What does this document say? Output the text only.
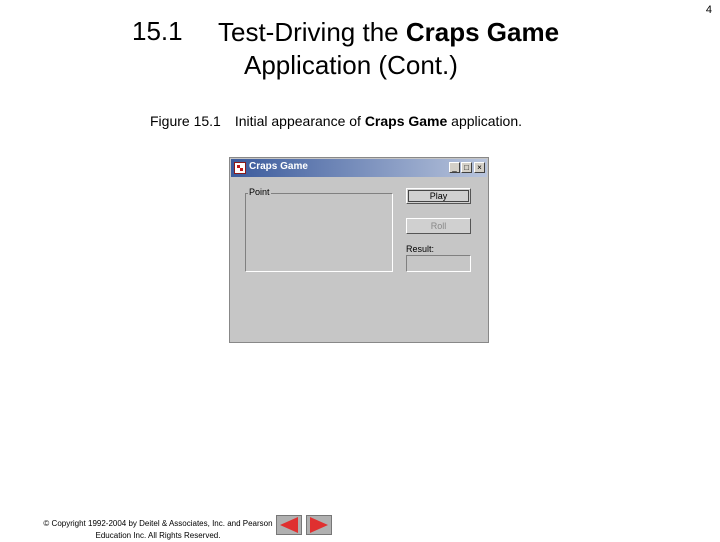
4
15.1 Test-Driving the Craps Game
Application (Cont.)
Figure 15.1 Initial appearance of Craps Game application.
Craps Game	_ □	×
Point	Play
Roll
Result:
© Copyright 1992-2004 by Deitel & Associates, Inc. and Pearson
Education Inc. All Rights Reserved.
